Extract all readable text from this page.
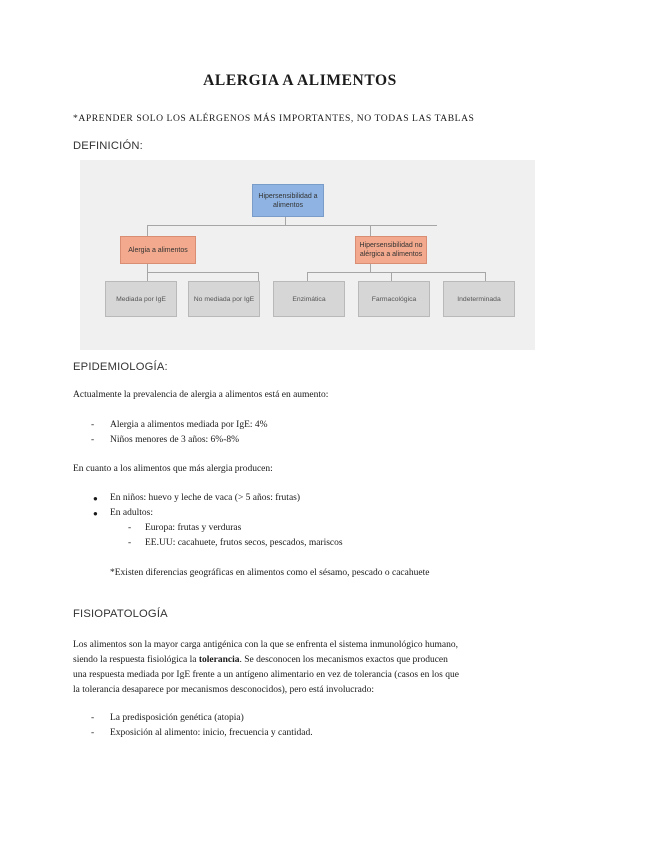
ALERGIA A ALIMENTOS
*APRENDER SOLO LOS ALÉRGENOS MÁS IMPORTANTES, NO TODAS LAS TABLAS
DEFINICIÓN:
Hipersensibilidad a alimentos
Alergia a alimentos
Hipersensibilidad no alérgica a alimentos
Mediada por IgE	No mediada por IgE	Enzimática	Farmacológica	Indeterminada
EPIDEMIOLOGÍA:
Actualmente la prevalencia de alergia a alimentos está en aumento:
- Alergia a alimentos mediada por IgE: 4%
- Niños menores de 3 años: 6%-8%
En cuanto a los alimentos que más alergia producen:
● En niños: huevo y leche de vaca (> 5 años: frutas)
● En adultos:
- Europa: frutas y verduras
- EE.UU: cacahuete, frutos secos, pescados, mariscos
*Existen diferencias geográficas en alimentos como el sésamo, pescado o cacahuete
FISIOPATOLOGÍA
Los alimentos son la mayor carga antigénica con la que se enfrenta el sistema inmunológico humano,
siendo la respuesta fisiológica la tolerancia. Se desconocen los mecanismos exactos que producen
una respuesta mediada por IgE frente a un antígeno alimentario en vez de tolerancia (casos en los que
la tolerancia desaparece por mecanismos desconocidos), pero está involucrado:
- La predisposición genética (atopia)
- Exposición al alimento: inicio, frecuencia y cantidad.
